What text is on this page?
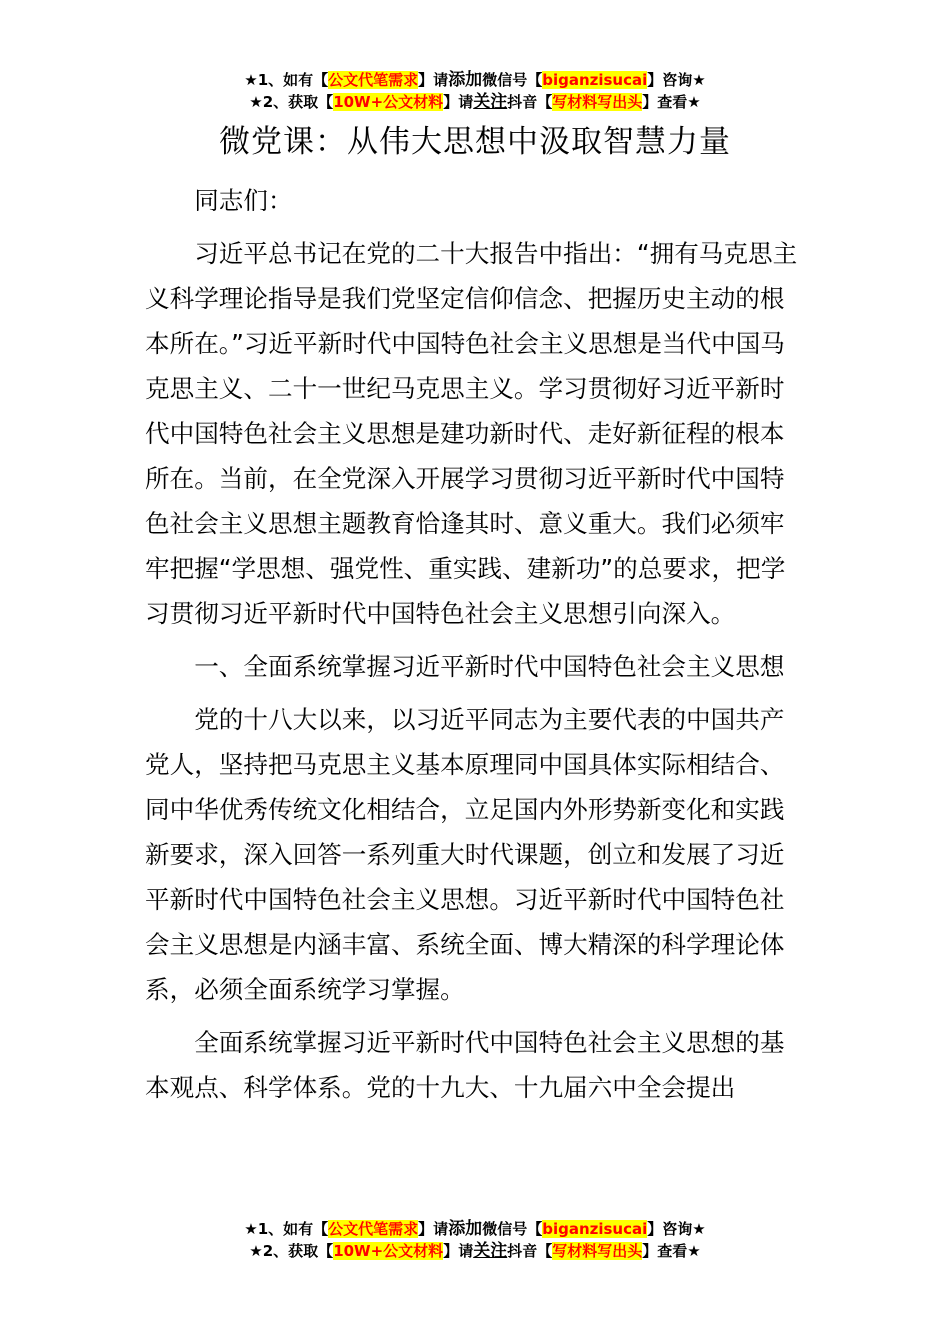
★1、如有【公文代笔需求】请添加微信号【biganzisucai】咨询★
★2、获取【10W+公文材料】请关注抖音【写材料写出头】查看★
微党课：从伟大思想中汲取智慧力量

同志们：

习近平总书记在党的二十大报告中指出：“拥有马克思主义科学理论指导是我们党坚定信仰信念、把握历史主动的根本所在。”习近平新时代中国特色社会主义思想是当代中国马克思主义、二十一世纪马克思主义。学习贯彻好习近平新时代中国特色社会主义思想是建功新时代、走好新征程的根本所在。当前，在全党深入开展学习贯彻习近平新时代中国特色社会主义思想主题教育恰逢其时、意义重大。我们必须牢牢把握“学思想、强党性、重实践、建新功”的总要求，把学习贯彻习近平新时代中国特色社会主义思想引向深入。

一、全面系统掌握习近平新时代中国特色社会主义思想

党的十八大以来，以习近平同志为主要代表的中国共产党人，坚持把马克思主义基本原理同中国具体实际相结合、同中华优秀传统文化相结合，立足国内外形势新变化和实践新要求，深入回答一系列重大时代课题，创立和发展了习近平新时代中国特色社会主义思想。习近平新时代中国特色社会主义思想是内涵丰富、系统全面、博大精深的科学理论体系，必须全面系统学习掌握。

全面系统掌握习近平新时代中国特色社会主义思想的基本观点、科学体系。党的十九大、十九届六中全会提出

★1、如有【公文代笔需求】请添加微信号【biganzisucai】咨询★
★2、获取【10W+公文材料】请关注抖音【写材料写出头】查看★
